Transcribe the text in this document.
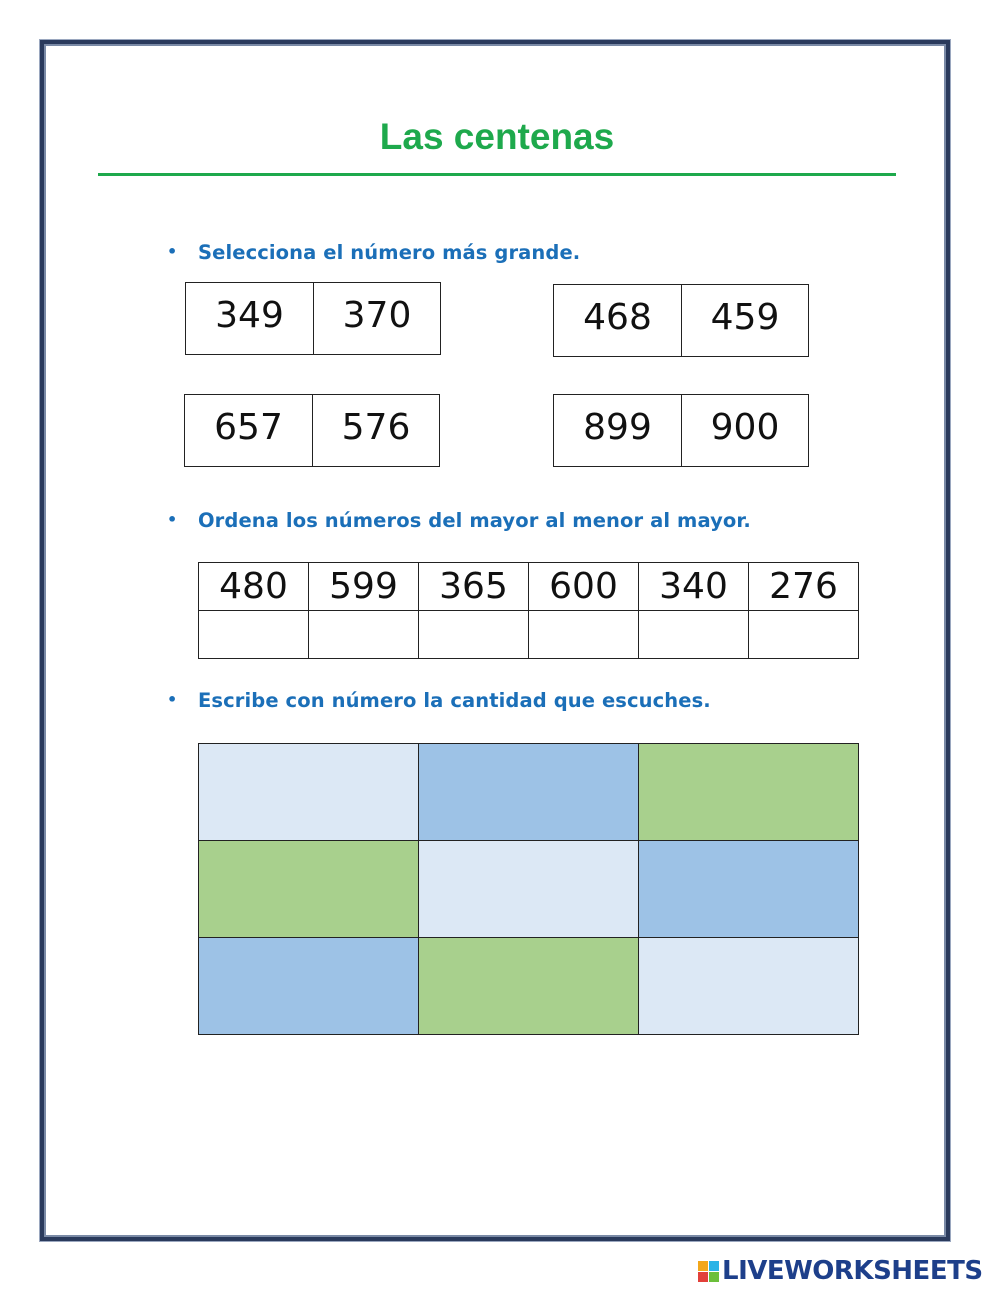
Las centenas
• Selecciona el número más grande.
349	370	468	459
657	576	899	900
• Ordena los números del mayor al menor al mayor.
480	599	365	600	340	276

• Escribe con número la cantidad que escuches.

LIVEWORKSHEETS
